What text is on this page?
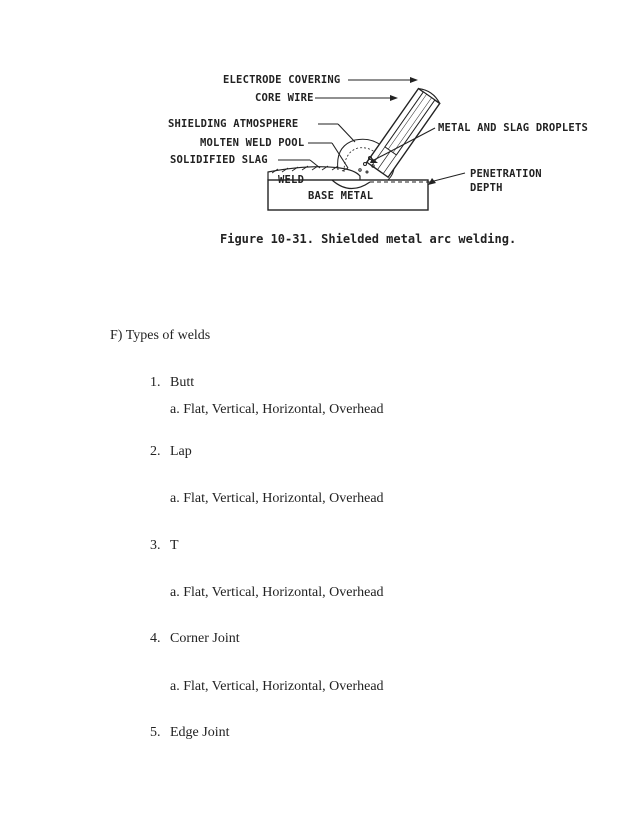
ELECTRODE COVERING
CORE WIRE
SHIELDING ATMOSPHERE
MOLTEN WELD POOL
SOLIDIFIED SLAG
WELD
BASE METAL
METAL AND SLAG DROPLETS
PENETRATION
DEPTH
Figure 10-31. Shielded metal arc welding.
F) Types of welds
1. Butt
a. Flat, Vertical, Horizontal, Overhead
2. Lap
a. Flat, Vertical, Horizontal, Overhead
3. T
a. Flat, Vertical, Horizontal, Overhead
4. Corner Joint
a. Flat, Vertical, Horizontal, Overhead
5. Edge Joint
